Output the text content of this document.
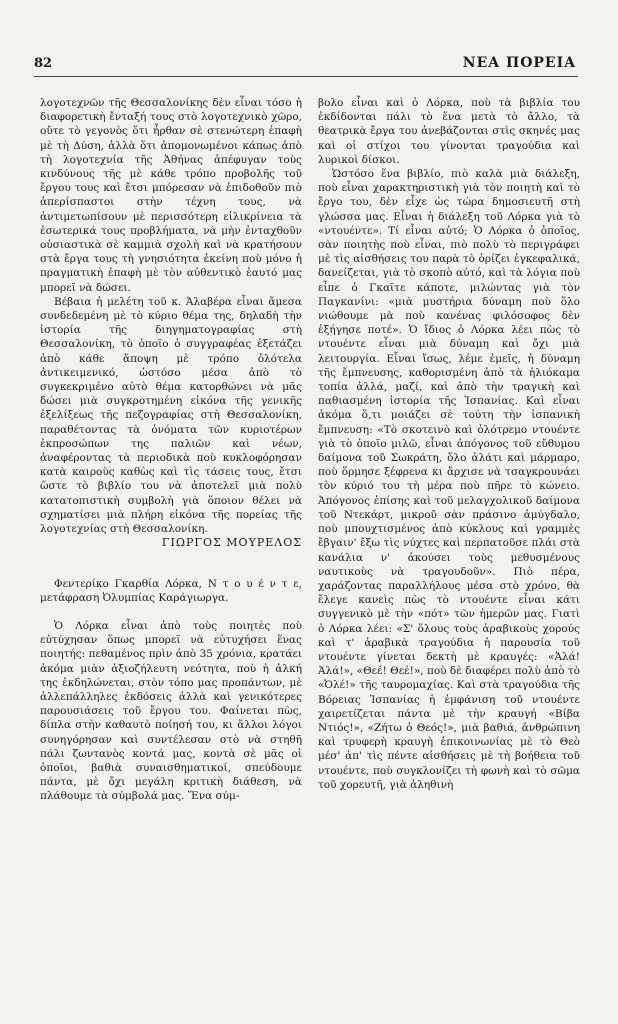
82	ΝΕΑ ΠΟΡΕΙΑ

λογοτεχνῶν τῆς Θεσσαλονίκης δὲν εἶναι τόσο ἡ διαφορετικὴ ἔνταξή τους στὸ λογοτεχνικὸ χῶρο, οὔτε τὸ γεγονὸς ὅτι ἦρθαν σὲ στενώτερη ἐπαφὴ μὲ τὴ Δύση, ἀλλὰ ὅτι ἀπομονωμένοι κάπως ἀπὸ τὴ λογοτεχνία τῆς Ἀθήνας ἀπέφυγαν τοὺς κινδύνους τῆς μὲ κάθε τρόπο προβολῆς τοῦ ἔργου τους καὶ ἔτσι μπόρεσαν νὰ ἐπιδοθοῦν πιὸ ἀπερίσπαστοι στὴν τέχνη τους, νὰ ἀντιμετωπίσουν μὲ περισσότερη εἰλικρίνεια τὰ ἐσωτερικά τους προβλήματα, νὰ μὴν ἐνταχθοῦν οὐσιαστικὰ σὲ καμμιὰ σχολὴ καὶ νὰ κρατήσουν στὰ ἔργα τους τὴ γνησιότητα ἐκείνη ποὺ μόνο ἡ πραγματικὴ ἐπαφὴ μὲ τὸν αὐθεντικὸ ἑαυτό μας μπορεῖ νὰ δώσει.

Βέβαια ἡ μελέτη τοῦ κ. Ἀλαβέρα εἶναι ἄμεσα συνδεδεμένη μὲ τὸ κύριο θέμα της, δηλαδὴ τὴν ἱστορία τῆς διηγηματογραφίας στὴ Θεσσαλονίκη, τὸ ὁποῖο ὁ συγγραφέας ἐξετάζει ἀπὸ κάθε ἄποψη μὲ τρόπο ὁλότελα ἀντικειμενικό, ὡστόσο μέσα ἀπὸ τὸ συγκεκριμένο αὐτὸ θέμα κατορθώνει νὰ μᾶς δώσει μιὰ συγκροτημένη εἰκόνα τῆς γενικῆς ἐξελίξεως τῆς πεζογραφίας στὴ Θεσσαλονίκη, παραθέτοντας τὰ ὀνόματα τῶν κυριοτέρων ἐκπροσώπων της παλιῶν καὶ νέων, ἀναφέροντας τὰ περιοδικὰ ποὺ κυκλοφόρησαν κατὰ καιροὺς καθὼς καὶ τὶς τάσεις τους, ἔτσι ὥστε τὸ βιβλίο του νὰ ἀποτελεῖ μιὰ πολὺ κατατοπιστικὴ συμβολὴ γιὰ ὅποιον θέλει νὰ σχηματίσει μιὰ πλήρη εἰκόνα τῆς πορείας τῆς λογοτεχνίας στὴ Θεσσαλονίκη.

ΓΙΩΡΓΟΣ ΜΟΥΡΕΛΟΣ

Φεντερίκο Γκαρθία Λόρκα, Ν τ ο υ έ ν τ ε, μετάφραση Ὀλυμπίας Καράγιωργα.

Ὁ Λόρκα εἶναι ἀπὸ τοὺς ποιητὲς ποὺ εὐτύχησαν ὅπως μπορεῖ νὰ εὐτυχήσει ἕνας ποιητής: πεθαμένος πρὶν ἀπὸ 35 χρόνια, κρατάει ἀκόμα μιὰν ἀξιοζήλευτη νεότητα, ποὺ ἡ ἀλκή της ἐκδηλώνεται, στὸν τόπο μας προπάντων, μὲ ἀλλεπάλληλες ἐκδόσεις ἀλλὰ καὶ γενικότερες παρουσιάσεις τοῦ ἔργου του. Φαίνεται πὼς, δίπλα στὴν καθαυτὸ ποίησή του, κι ἄλλοι λόγοι συνηγόρησαν καὶ συντέλεσαν στὸ νὰ στηθῆ πάλι ζωντανὸς κοντά μας, κοντὰ σὲ μᾶς οἱ ὁποῖοι, βαθιὰ συναισθηματικοί, σπεύδουμε πάντα, μὲ ὄχι μεγάλη κριτικὴ διάθεση, νὰ πλάθουμε τὰ σύμβολά μας. Ἕνα σύμ-

βολο εἶναι καὶ ὁ Λόρκα, ποὺ τὰ βιβλία του ἐκδίδονται πάλι τὸ ἕνα μετὰ τὸ ἄλλο, τὰ θεατρικὰ ἔργα του ἀνεβάζονται στὶς σκηνές μας καὶ οἱ στίχοι του γίνονται τραγούδια καὶ λυρικοὶ δίσκοι.

Ὡστόσο ἕνα βιβλίο, πιὸ καλὰ μιὰ διάλεξη, ποὺ εἶναι χαρακτηριστικὴ γιὰ τὸν ποιητὴ καὶ τὸ ἔργο του, δὲν εἶχε ὡς τώρα δημοσιευτῆ στὴ γλώσσα μας. Εἶναι ἡ διάλεξη τοῦ Λόρκα γιὰ τὸ «ντουέντε». Τί εἶναι αὐτό; Ὁ Λόρκα ὁ ὁποῖος, σὰν ποιητὴς ποὺ εἶναι, πιὸ πολὺ τὸ περιγράφει μὲ τὶς αἰσθήσεις του παρὰ τὸ ὁρίζει ἐγκεφαλικά, δανείζεται, γιὰ τὸ σκοπὸ αὐτό, καὶ τὰ λόγια ποὺ εἶπε ὁ Γκαῖτε κάποτε, μιλώντας γιὰ τὸν Παγκανίνι: «μιὰ μυστήρια δύναμη ποὺ ὅλο νιώθουμε μὰ ποὺ κανένας φιλόσοφος δὲν ἐξήγησε ποτέ». Ὁ ἴδιος ὁ Λόρκα λέει πὼς τὸ ντουέντε εἶναι μιὰ δύναμη καὶ ὄχι μιὰ λειτουργία. Εἶναι ἴσως, λέμε ἐμεῖς, ἡ δύναμη τῆς ἔμπνευσης, καθορισμένη ἀπὸ τὰ ἡλιόκαμα τοπία ἀλλά, μαζί, καὶ ἀπὸ τὴν τραγικὴ καὶ παθιασμένη ἱστορία τῆς Ἰσπανίας. Καὶ εἶναι ἀκόμα ὅ,τι μοιάζει σὲ τούτη τὴν ἰσπανικὴ ἔμπνευση: «Τὸ σκοτεινὸ καὶ ὁλότρεμο ντουέντε γιὰ τὸ ὁποῖο μιλῶ, εἶναι ἀπόγονος τοῦ εὔθυμου δαίμονα τοῦ Σωκράτη, ὅλο ἀλάτι καὶ μάρμαρο, ποὺ ὅρμησε ξέφρενα κι ἄρχισε νὰ τσαγκρουνάει τὸν κύριό του τὴ μέρα ποὺ πῆρε τὸ κώνειο. Ἀπόγονος ἐπίσης καὶ τοῦ μελαγχολικοῦ δαίμονα τοῦ Ντεκάρτ, μικροῦ σὰν πράσινο ἀμύγδαλο, ποὺ μπουχτισμένος ἀπὸ κύκλους καὶ γραμμὲς ἔβγαιν' ἔξω τὶς νύχτες καὶ περπατοῦσε πλάι στὰ κανάλια ν' ἀκούσει τοὺς μεθυσμένους ναυτικοὺς νὰ τραγουδοῦν». Πιὸ πέρα, χαράζοντας παραλλήλους μέσα στὸ χρόνο, θὰ ἔλεγε κανεὶς πὼς τὸ ντουέντε εἶναι κάτι συγγενικὸ μὲ τὴν «πότ» τῶν ἡμερῶν μας. Γιατὶ ὁ Λόρκα λέει: «Σ' ὅλους τοὺς ἀραβικοὺς χορούς καὶ τ' ἀραβικὰ τραγούδια ἡ παρουσία τοῦ ντουέντε γίνεται δεκτὴ μὲ κραυγές: «Ἀλά! Ἀλά!», «Θεέ! Θεέ!», ποὺ δὲ διαφέρει πολὺ ἀπὸ τὸ «Ὀλέ!» τῆς ταυρομαχίας. Καὶ στὰ τραγούδια τῆς Βόρειας Ἰσπανίας ἡ ἐμφάνιση τοῦ ντουέντε χαιρετίζεται πάντα μὲ τὴν κραυγή «Βίβα Ντιός!», «Ζήτω ὁ Θεός!», μιὰ βαθιά, ἀνθρώπινη καὶ τρυφερὴ κραυγὴ ἐπικοινωνίας μὲ τὸ Θεὸ μέσ' ἀπ' τὶς πέντε αἰσθήσεις μὲ τὴ βοήθεια τοῦ ντουέντε, ποὺ συγκλονίζει τὴ φωνὴ καὶ τὸ σῶμα τοῦ χορευτῆ, γιὰ ἀληθινὴ
